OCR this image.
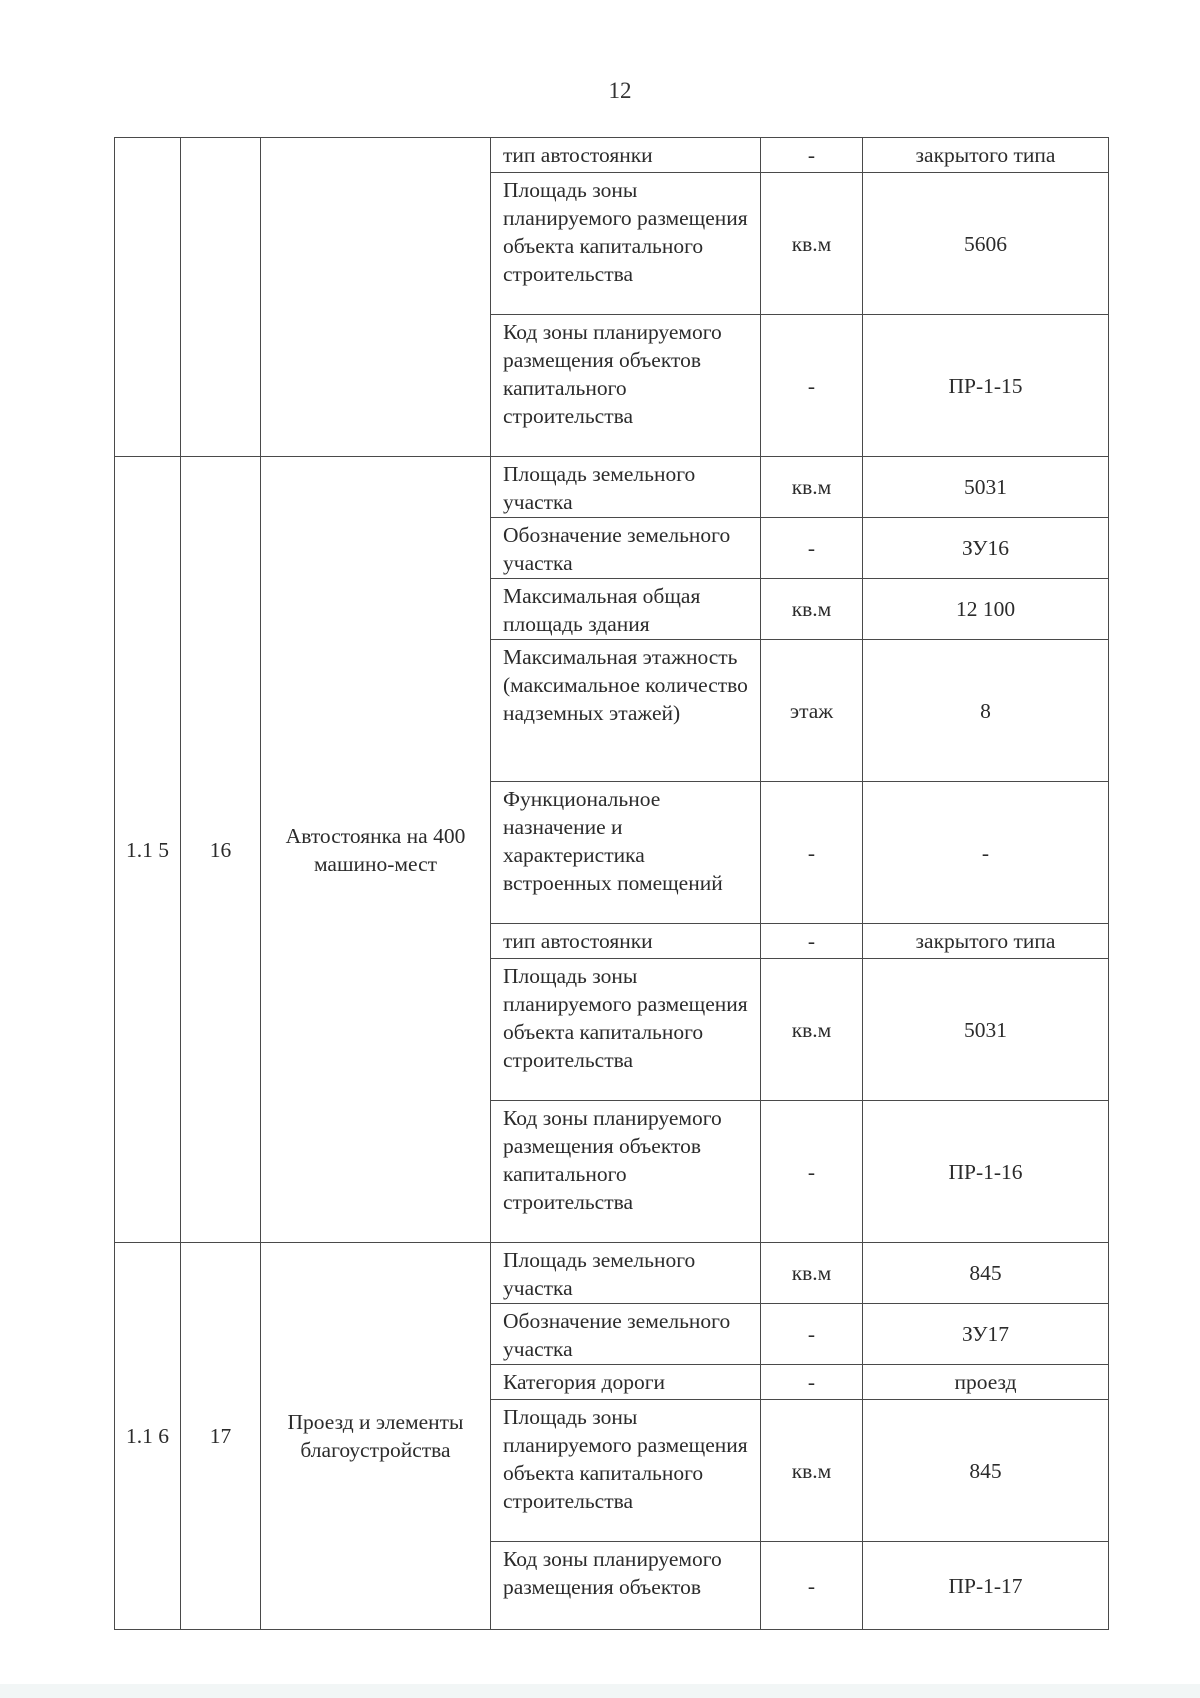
12
			тип автостоянки	-	закрытого типа
			Площадь зоны планируемого размещения объекта капитального строительства	кв.м	5606
			Код зоны планируемого размещения объектов капитального строительства	-	ПР-1-15
1.1 5	16	Автостоянка на 400 машино-мест	Площадь земельного участка	кв.м	5031
			Обозначение земельного участка	-	ЗУ16
			Максимальная общая площадь здания	кв.м	12 100
			Максимальная этажность (максимальное количество надземных этажей)	этаж	8
			Функциональное назначение и характеристика встроенных помещений	-	-
			тип автостоянки	-	закрытого типа
			Площадь зоны планируемого размещения объекта капитального строительства	кв.м	5031
			Код зоны планируемого размещения объектов капитального строительства	-	ПР-1-16
1.1 6	17	Проезд и элементы благоустройства	Площадь земельного участка	кв.м	845
			Обозначение земельного участка	-	ЗУ17
			Категория дороги	-	проезд
			Площадь зоны планируемого размещения объекта капитального строительства	кв.м	845
			Код зоны планируемого размещения объектов	-	ПР-1-17
